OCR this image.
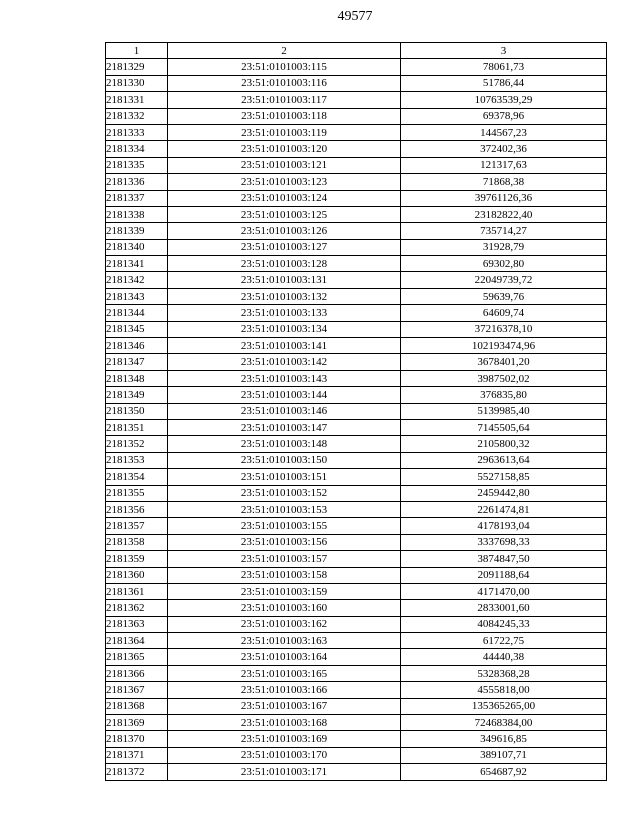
49577
1	2	3
2181329	23:51:0101003:115	78061,73
2181330	23:51:0101003:116	51786,44
2181331	23:51:0101003:117	10763539,29
2181332	23:51:0101003:118	69378,96
2181333	23:51:0101003:119	144567,23
2181334	23:51:0101003:120	372402,36
2181335	23:51:0101003:121	121317,63
2181336	23:51:0101003:123	71868,38
2181337	23:51:0101003:124	39761126,36
2181338	23:51:0101003:125	23182822,40
2181339	23:51:0101003:126	735714,27
2181340	23:51:0101003:127	31928,79
2181341	23:51:0101003:128	69302,80
2181342	23:51:0101003:131	22049739,72
2181343	23:51:0101003:132	59639,76
2181344	23:51:0101003:133	64609,74
2181345	23:51:0101003:134	37216378,10
2181346	23:51:0101003:141	102193474,96
2181347	23:51:0101003:142	3678401,20
2181348	23:51:0101003:143	3987502,02
2181349	23:51:0101003:144	376835,80
2181350	23:51:0101003:146	5139985,40
2181351	23:51:0101003:147	7145505,64
2181352	23:51:0101003:148	2105800,32
2181353	23:51:0101003:150	2963613,64
2181354	23:51:0101003:151	5527158,85
2181355	23:51:0101003:152	2459442,80
2181356	23:51:0101003:153	2261474,81
2181357	23:51:0101003:155	4178193,04
2181358	23:51:0101003:156	3337698,33
2181359	23:51:0101003:157	3874847,50
2181360	23:51:0101003:158	2091188,64
2181361	23:51:0101003:159	4171470,00
2181362	23:51:0101003:160	2833001,60
2181363	23:51:0101003:162	4084245,33
2181364	23:51:0101003:163	61722,75
2181365	23:51:0101003:164	44440,38
2181366	23:51:0101003:165	5328368,28
2181367	23:51:0101003:166	4555818,00
2181368	23:51:0101003:167	135365265,00
2181369	23:51:0101003:168	72468384,00
2181370	23:51:0101003:169	349616,85
2181371	23:51:0101003:170	389107,71
2181372	23:51:0101003:171	654687,92
